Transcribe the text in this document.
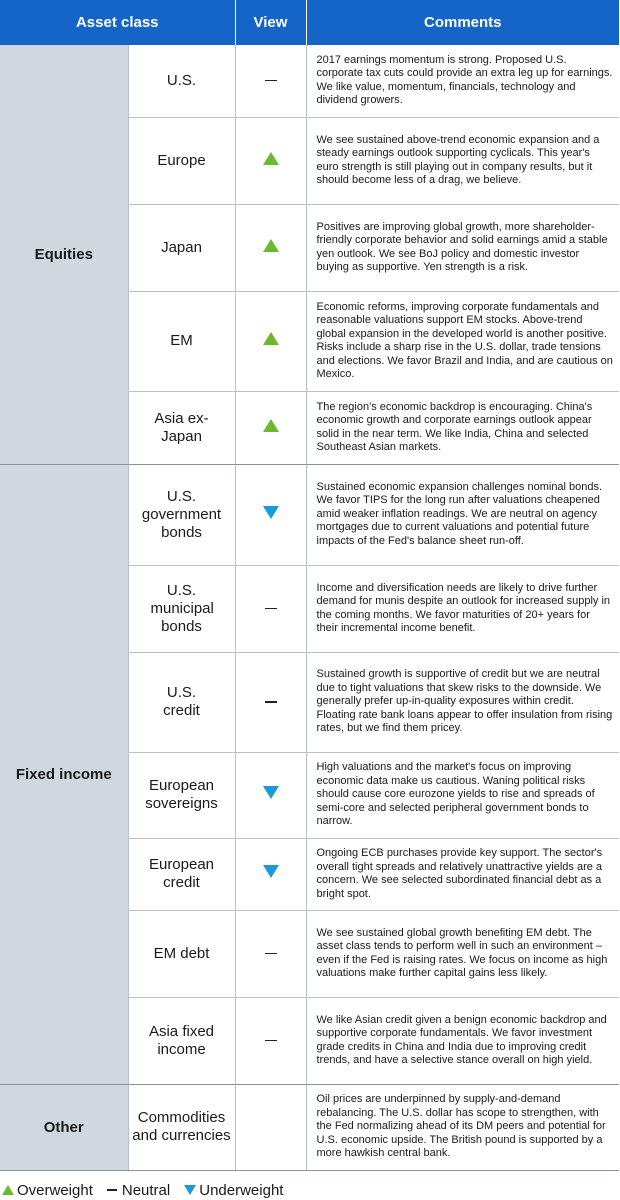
Asset class		View	Comments
Equities	U.S.		2017 earnings momentum is strong. Proposed U.S. corporate tax cuts could provide an extra leg up for earnings. We like value, momentum, financials, technology and dividend growers.
	Europe		We see sustained above-trend economic expansion and a steady earnings outlook supporting cyclicals. This year's euro strength is still playing out in company results, but it should become less of a drag, we believe.
	Japan		Positives are improving global growth, more shareholder-friendly corporate behavior and solid earnings amid a stable yen outlook. We see BoJ policy and domestic investor buying as supportive. Yen strength is a risk.
	EM		Economic reforms, improving corporate fundamentals and reasonable valuations support EM stocks. Above-trend global expansion in the developed world is another positive. Risks include a sharp rise in the U.S. dollar, trade tensions and elections. We favor Brazil and India, and are cautious on Mexico.
	Asia ex-Japan		The region's economic backdrop is encouraging. China's economic growth and corporate earnings outlook appear solid in the near term. We like India, China and selected Southeast Asian markets.
Fixed income	U.S. government bonds		Sustained economic expansion challenges nominal bonds. We favor TIPS for the long run after valuations cheapened amid weaker inflation readings. We are neutral on agency mortgages due to current valuations and potential future impacts of the Fed's balance sheet run-off.
	U.S. municipal bonds		Income and diversification needs are likely to drive further demand for munis despite an outlook for increased supply in the coming months. We favor maturities of 20+ years for their incremental income benefit.
	U.S. credit		Sustained growth is supportive of credit but we are neutral due to tight valuations that skew risks to the downside. We generally prefer up-in-quality exposures within credit. Floating rate bank loans appear to offer insulation from rising rates, but we find them pricey.
	European sovereigns		High valuations and the market's focus on improving economic data make us cautious. Waning political risks should cause core eurozone yields to rise and spreads of semi-core and selected peripheral government bonds to narrow.
	European credit		Ongoing ECB purchases provide key support. The sector's overall tight spreads and relatively unattractive yields are a concern. We see selected subordinated financial debt as a bright spot.
	EM debt		We see sustained global growth benefiting EM debt. The asset class tends to perform well in such an environment – even if the Fed is raising rates. We focus on income as high valuations make further capital gains less likely.
	Asia fixed income		We like Asian credit given a benign economic backdrop and supportive corporate fundamentals. We favor investment grade credits in China and India due to improving credit trends, and have a selective stance overall on high yield.
Other	Commodities and currencies		Oil prices are underpinned by supply-and-demand rebalancing. The U.S. dollar has scope to strengthen, with the Fed normalizing ahead of its DM peers and potential for U.S. economic upside. The British pound is supported by a more hawkish central bank.
Overweight Neutral Underweight
